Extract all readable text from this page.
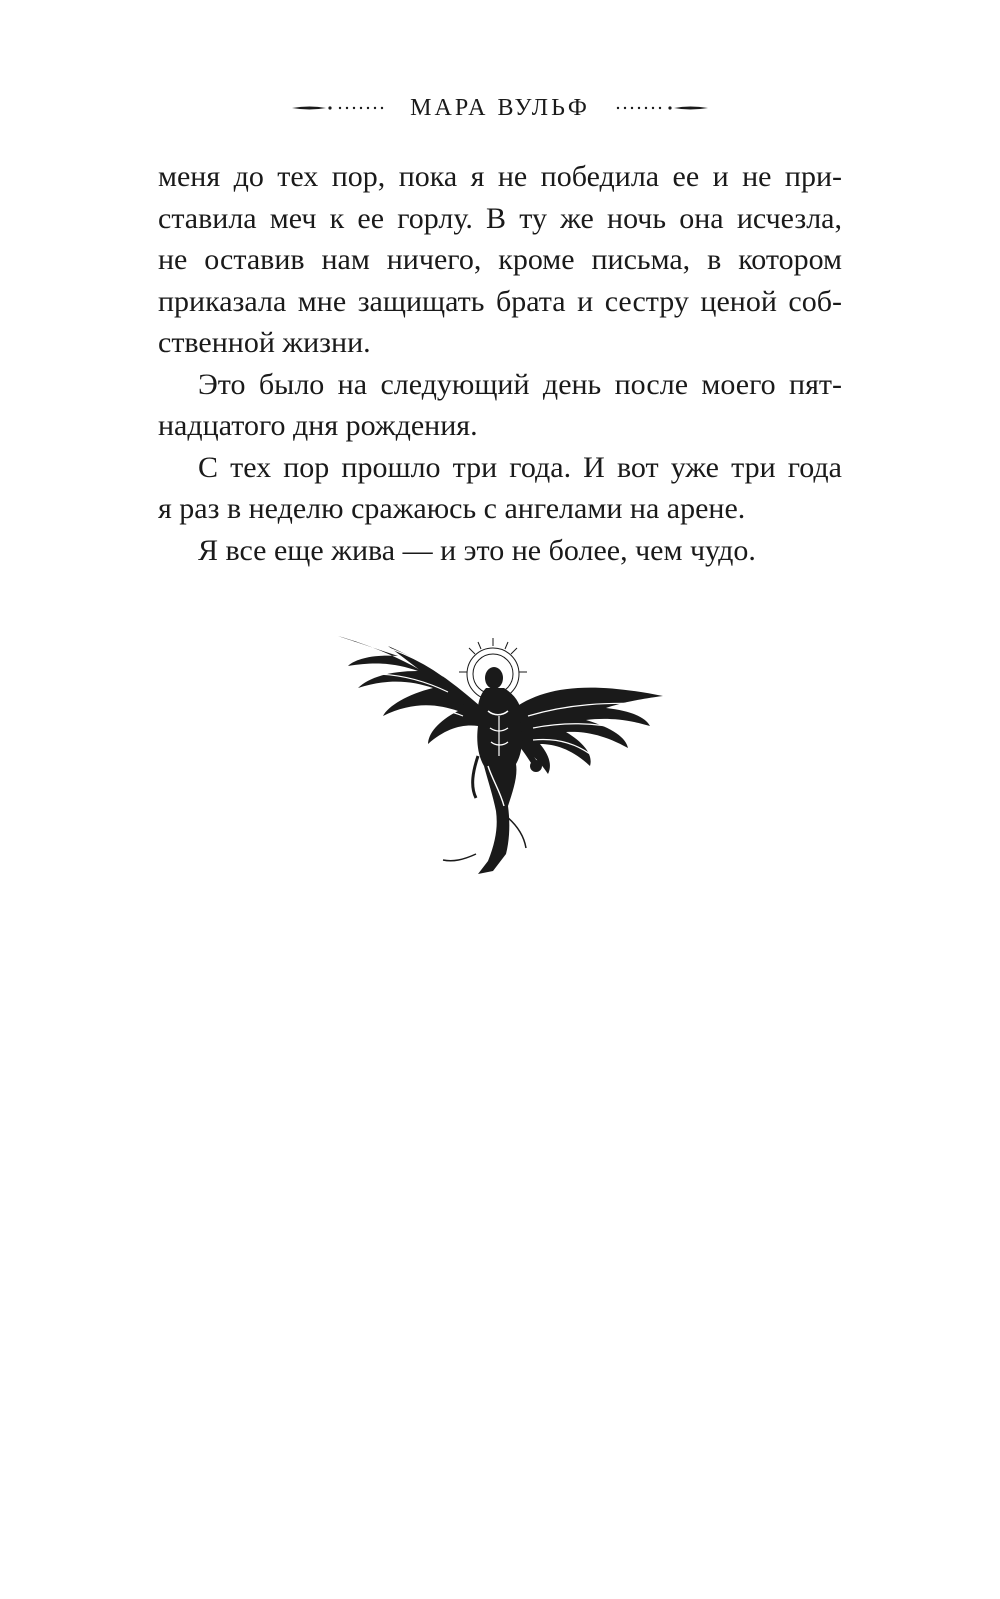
МАРА ВУЛЬФ
меня до тех пор, пока я не победила ее и не при-
ставила меч к ее горлу. В ту же ночь она исчезла,
не оставив нам ничего, кроме письма, в котором
приказала мне защищать брата и сестру ценой соб-
ственной жизни.
Это было на следующий день после моего пят-
надцатого дня рождения.
С тех пор прошло три года. И вот уже три года
я раз в неделю сражаюсь с ангелами на арене.
Я все еще жива — и это не более, чем чудо.
